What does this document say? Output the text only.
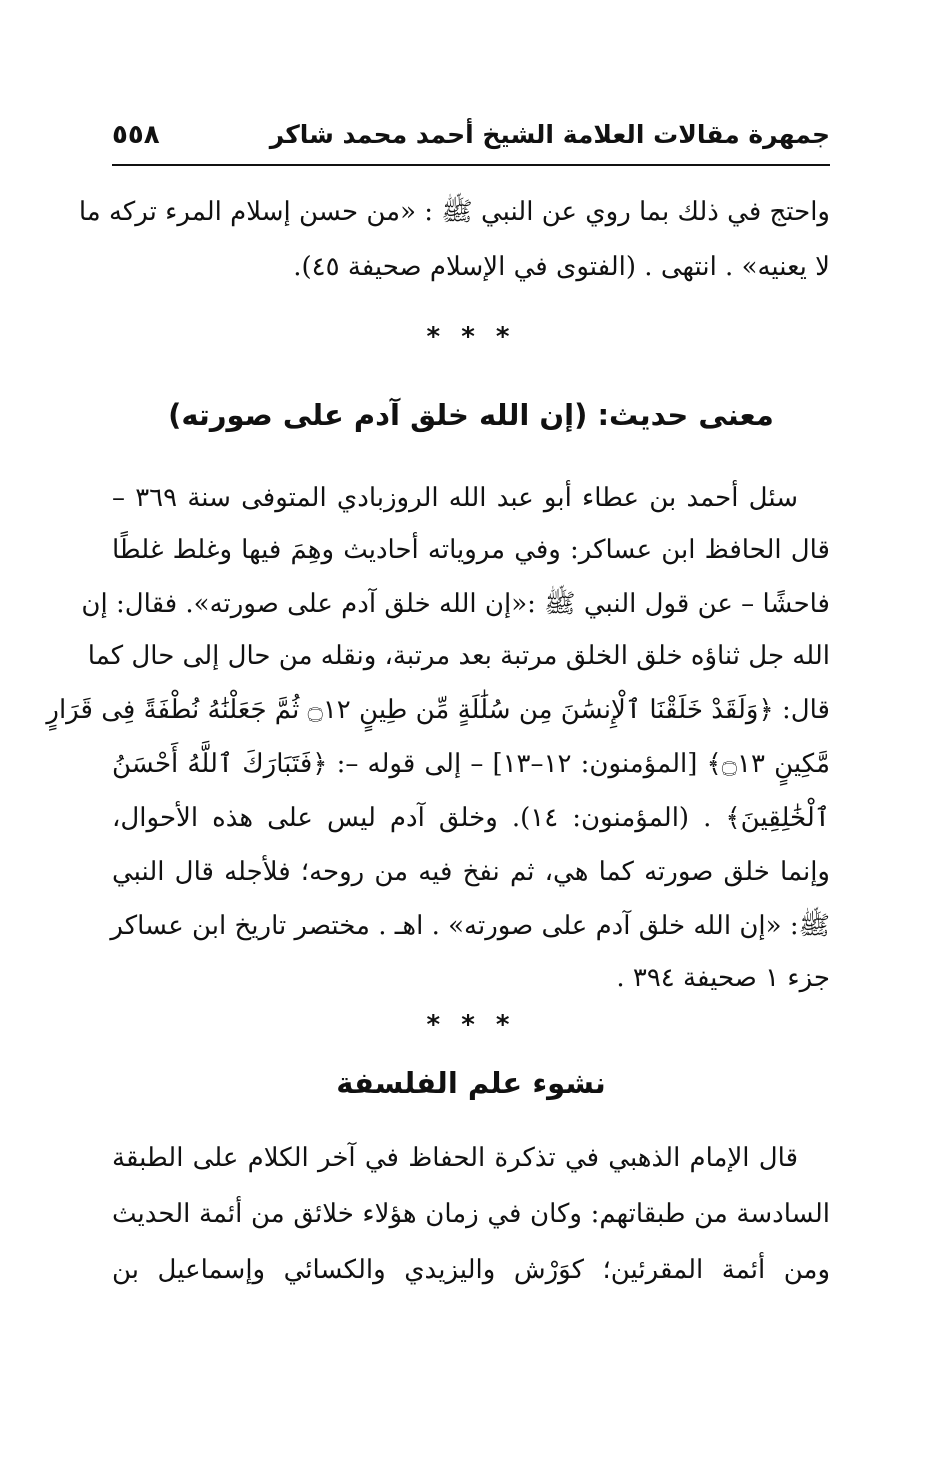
جمهرة مقالات العلامة الشيخ أحمد محمد شاكر
٥٥٨
واحتج في ذلك بما روي عن النبي ﷺ : «من حسن إسلام المرء تركه ما
لا يعنيه» . انتهى . (الفتوى في الإسلام صحيفة ٤٥).
* * *
معنى حديث: (إن الله خلق آدم على صورته)
سئل أحمد بن عطاء أبو عبد الله الروزبادي المتوفى سنة ٣٦٩ –
قال الحافظ ابن عساكر: وفي مروياته أحاديث وهِمَ فيها وغلط غلطًا
فاحشًا – عن قول النبي ﷺ :«إن الله خلق آدم على صورته». فقال: إن
الله جل ثناؤه خلق الخلق مرتبة بعد مرتبة، ونقله من حال إلى حال كما
قال: ﴿وَلَقَدْ خَلَقْنَا ٱلْإِنسَٰنَ مِن سُلَٰلَةٍ مِّن طِينٍ ۝١٢ ثُمَّ جَعَلْنَٰهُ نُطْفَةً فِى قَرَارٍ
مَّكِينٍ ۝١٣﴾ [المؤمنون: ١٢–١٣] – إلى قوله –: ﴿فَتَبَارَكَ ٱللَّهُ أَحْسَنُ
ٱلْخَٰلِقِينَ﴾ . (المؤمنون: ١٤). وخلق آدم ليس على هذه الأحوال،
وإنما خلق صورته كما هي، ثم نفخ فيه من روحه؛ فلأجله قال النبي
ﷺ: «إن الله خلق آدم على صورته» . اهـ . مختصر تاريخ ابن عساكر
جزء ١ صحيفة ٣٩٤ .
* * *
نشوء علم الفلسفة
قال الإمام الذهبي في تذكرة الحفاظ في آخر الكلام على الطبقة
السادسة من طبقاتهم: وكان في زمان هؤلاء خلائق من أئمة الحديث
ومن أئمة المقرئين؛ كوَرْش واليزيدي والكسائي وإسماعيل بن
